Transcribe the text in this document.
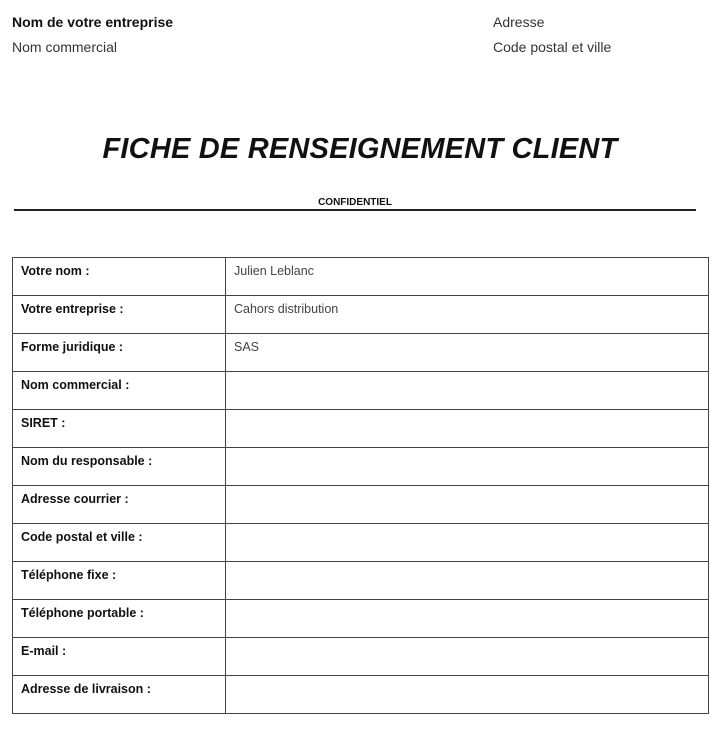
Nom de votre entreprise
Nom commercial
Adresse
Code postal et ville
FICHE DE RENSEIGNEMENT CLIENT
CONFIDENTIEL
Votre nom :	Julien Leblanc
Votre entreprise :	Cahors distribution
Forme juridique :	SAS
Nom commercial :	
SIRET :	
Nom du responsable :	
Adresse courrier :	
Code postal et ville :	
Téléphone fixe :	
Téléphone portable :	
E-mail :	
Adresse de livraison :	
